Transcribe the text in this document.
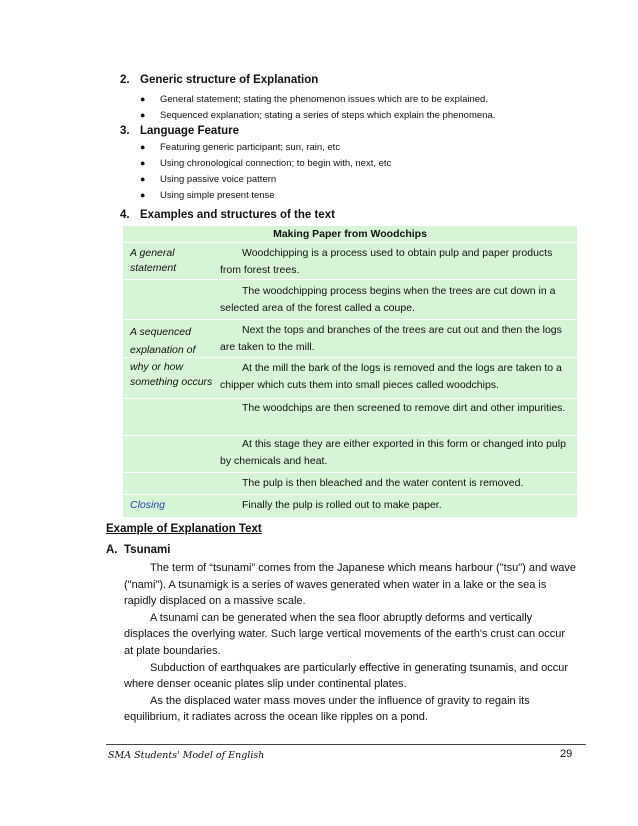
2. Generic structure of Explanation
● General statement; stating the phenomenon issues which are to be explained.
● Sequenced explanation; stating a series of steps which explain the phenomena.
3. Language Feature
● Featuring generic participant; sun, rain, etc
● Using chronological connection; to begin with, next, etc
● Using passive voice pattern
● Using simple present tense
4. Examples and structures of the text
Making Paper from Woodchips
A general statement
Woodchipping is a process used to obtain pulp and paper products from forest trees.
The woodchipping process begins when the trees are cut down in a selected area of the forest called a coupe.
A sequenced explanation of
Next the tops and branches of the trees are cut out and then the logs are taken to the mill.
why or how something occurs
At the mill the bark of the logs is removed and the logs are taken to a chipper which cuts them into small pieces called woodchips.
The woodchips are then screened to remove dirt and other impurities.
At this stage they are either exported in this form or changed into pulp by chemicals and heat.
The pulp is then bleached and the water content is removed.
Closing	Finally the pulp is rolled out to make paper.
Example of Explanation Text
A. Tsunami

The term of “tsunami” comes from the Japanese which means harbour ("tsu") and wave ("nami"). A tsunamigk is a series of waves generated when water in a lake or the sea is rapidly displaced on a massive scale.

A tsunami can be generated when the sea floor abruptly deforms and vertically displaces the overlying water. Such large vertical movements of the earth's crust can occur at plate boundaries.

Subduction of earthquakes are particularly effective in generating tsunamis, and occur where denser oceanic plates slip under continental plates.

As the displaced water mass moves under the influence of gravity to regain its equilibrium, it radiates across the ocean like ripples on a pond.

SMA Students' Model of English	29
